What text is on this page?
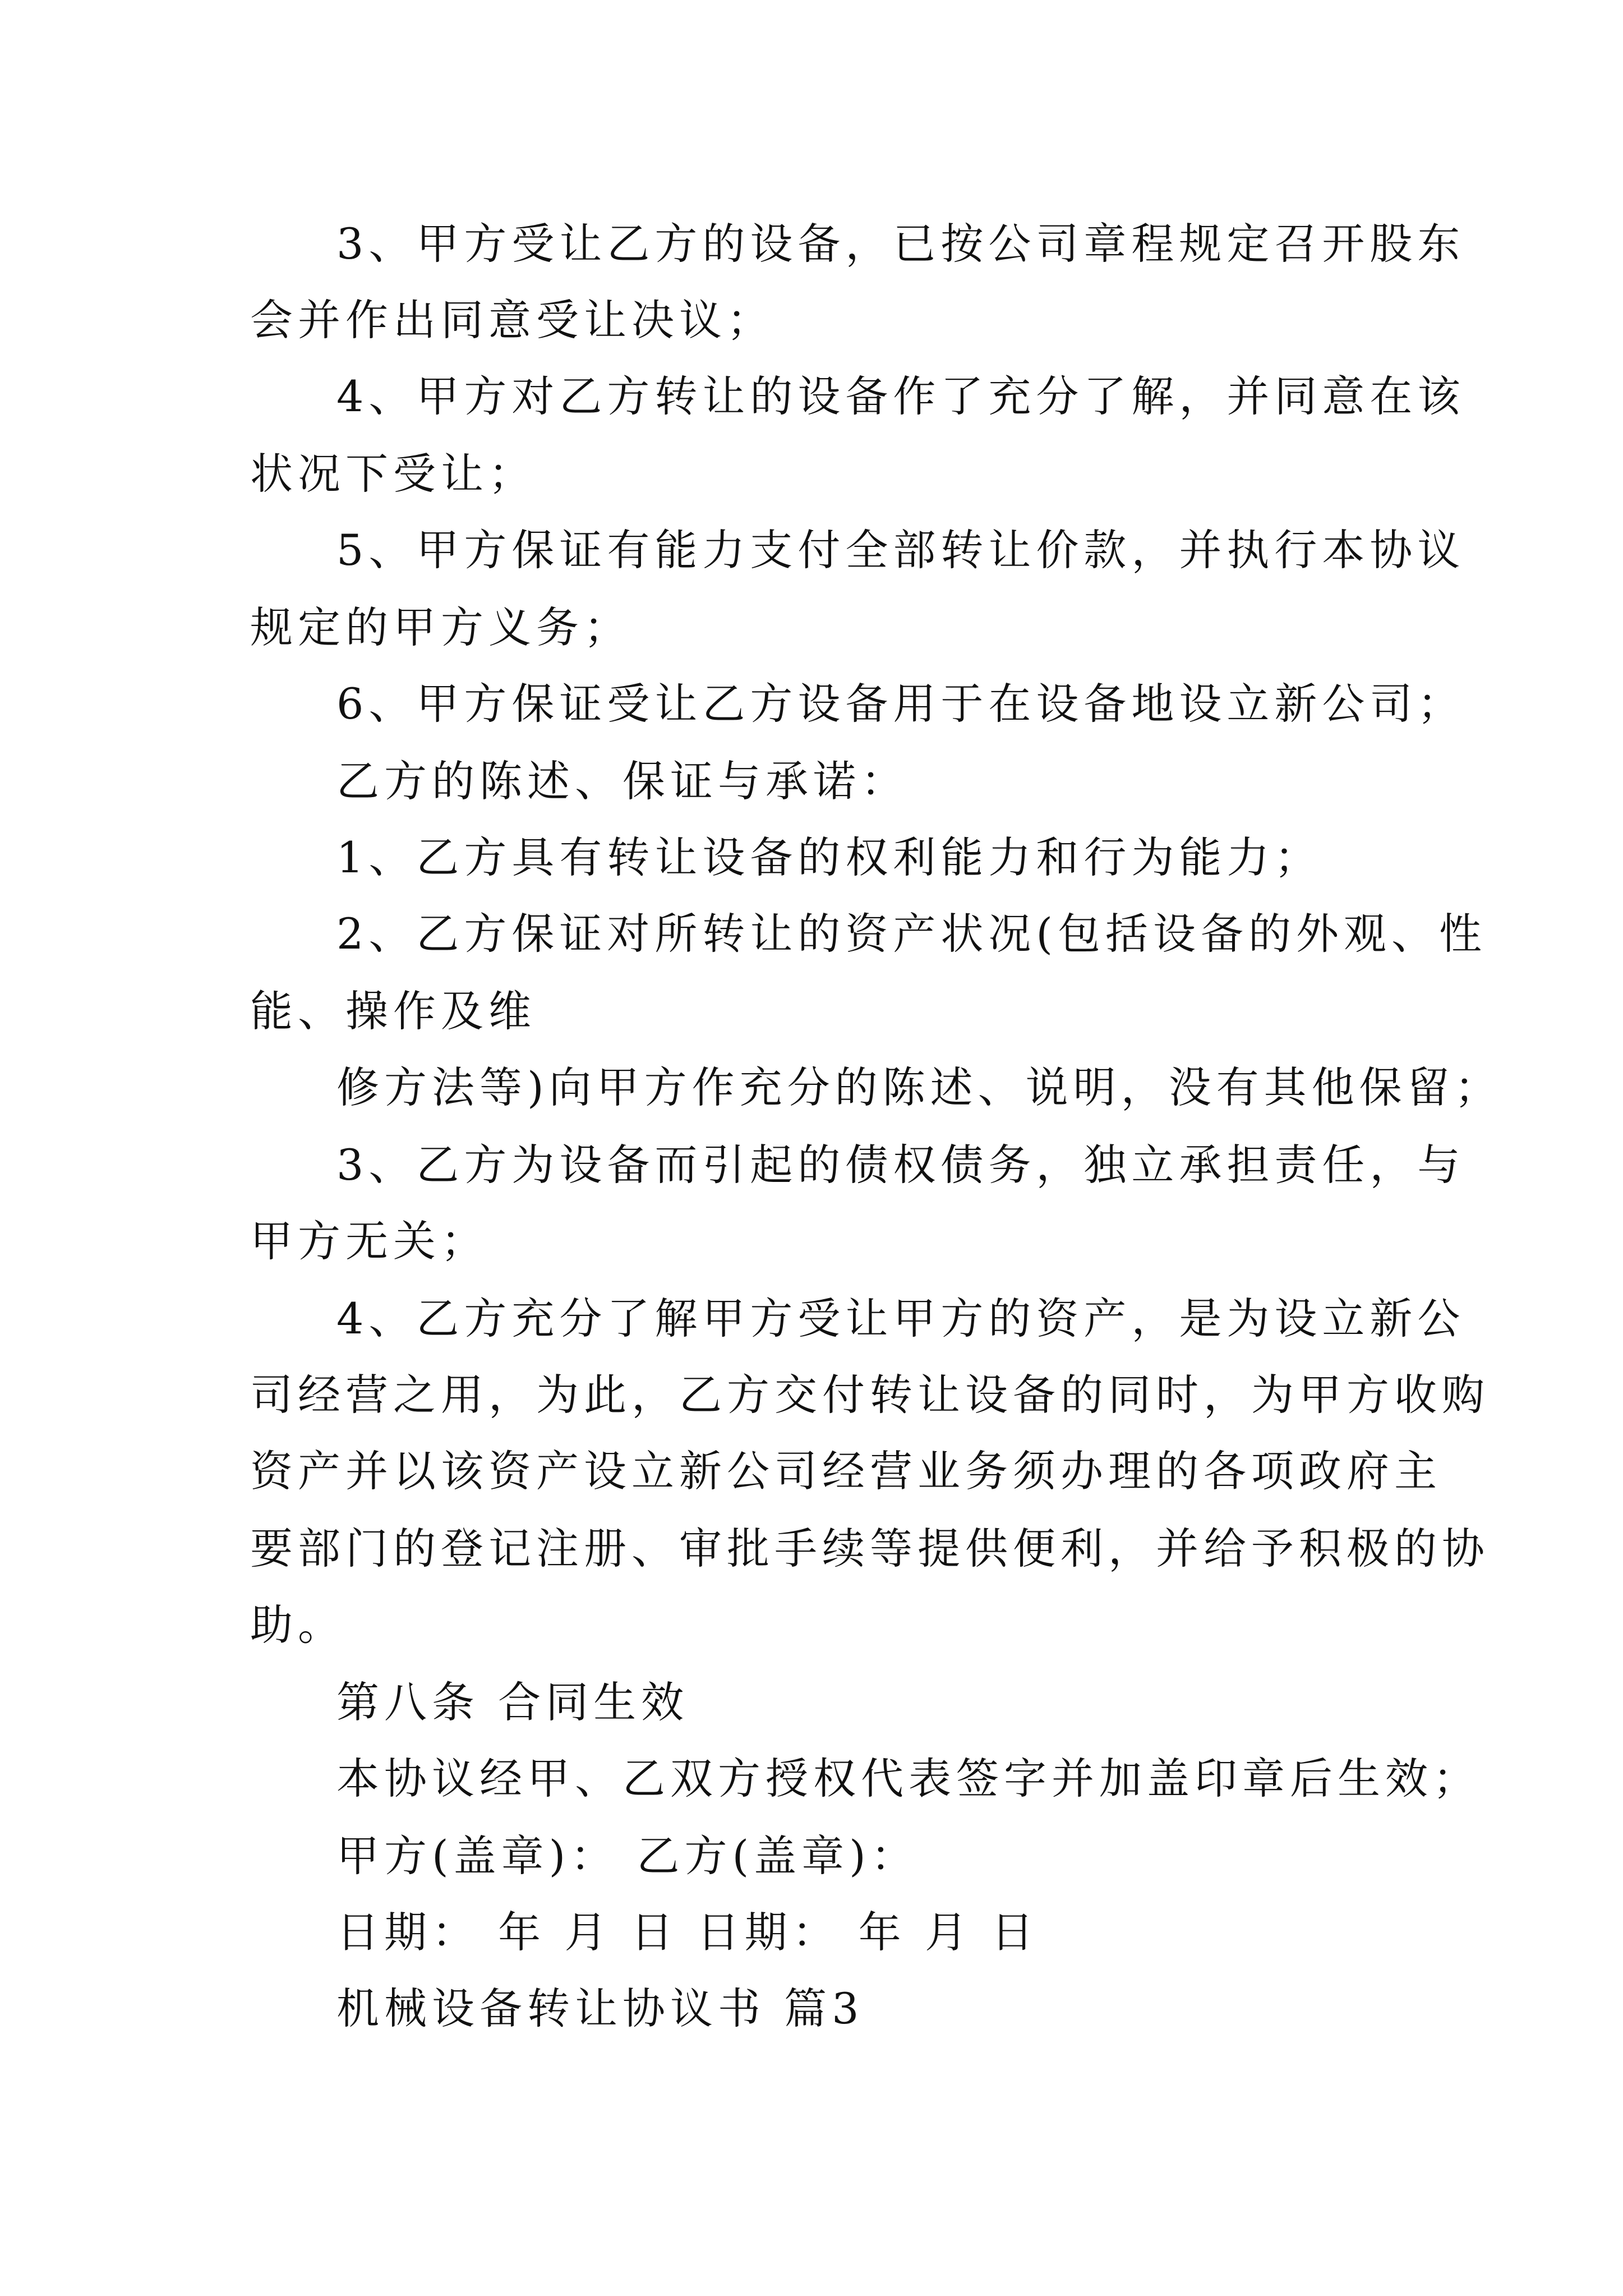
3、甲方受让乙方的设备，已按公司章程规定召开股东
会并作出同意受让决议；
4、甲方对乙方转让的设备作了充分了解，并同意在该
状况下受让；
5、甲方保证有能力支付全部转让价款，并执行本协议
规定的甲方义务；
6、甲方保证受让乙方设备用于在设备地设立新公司；
乙方的陈述、保证与承诺：
1、乙方具有转让设备的权利能力和行为能力；
2、乙方保证对所转让的资产状况(包括设备的外观、性
能、操作及维
修方法等)向甲方作充分的陈述、说明，没有其他保留；
3、乙方为设备而引起的债权债务，独立承担责任，与
甲方无关；
4、乙方充分了解甲方受让甲方的资产，是为设立新公
司经营之用，为此，乙方交付转让设备的同时，为甲方收购
资产并以该资产设立新公司经营业务须办理的各项政府主
要部门的登记注册、审批手续等提供便利，并给予积极的协
助。
第八条 合同生效
本协议经甲、乙双方授权代表签字并加盖印章后生效；
甲方(盖章)： 乙方(盖章)：
日期： 年 月 日 日期： 年 月 日
机械设备转让协议书 篇3
